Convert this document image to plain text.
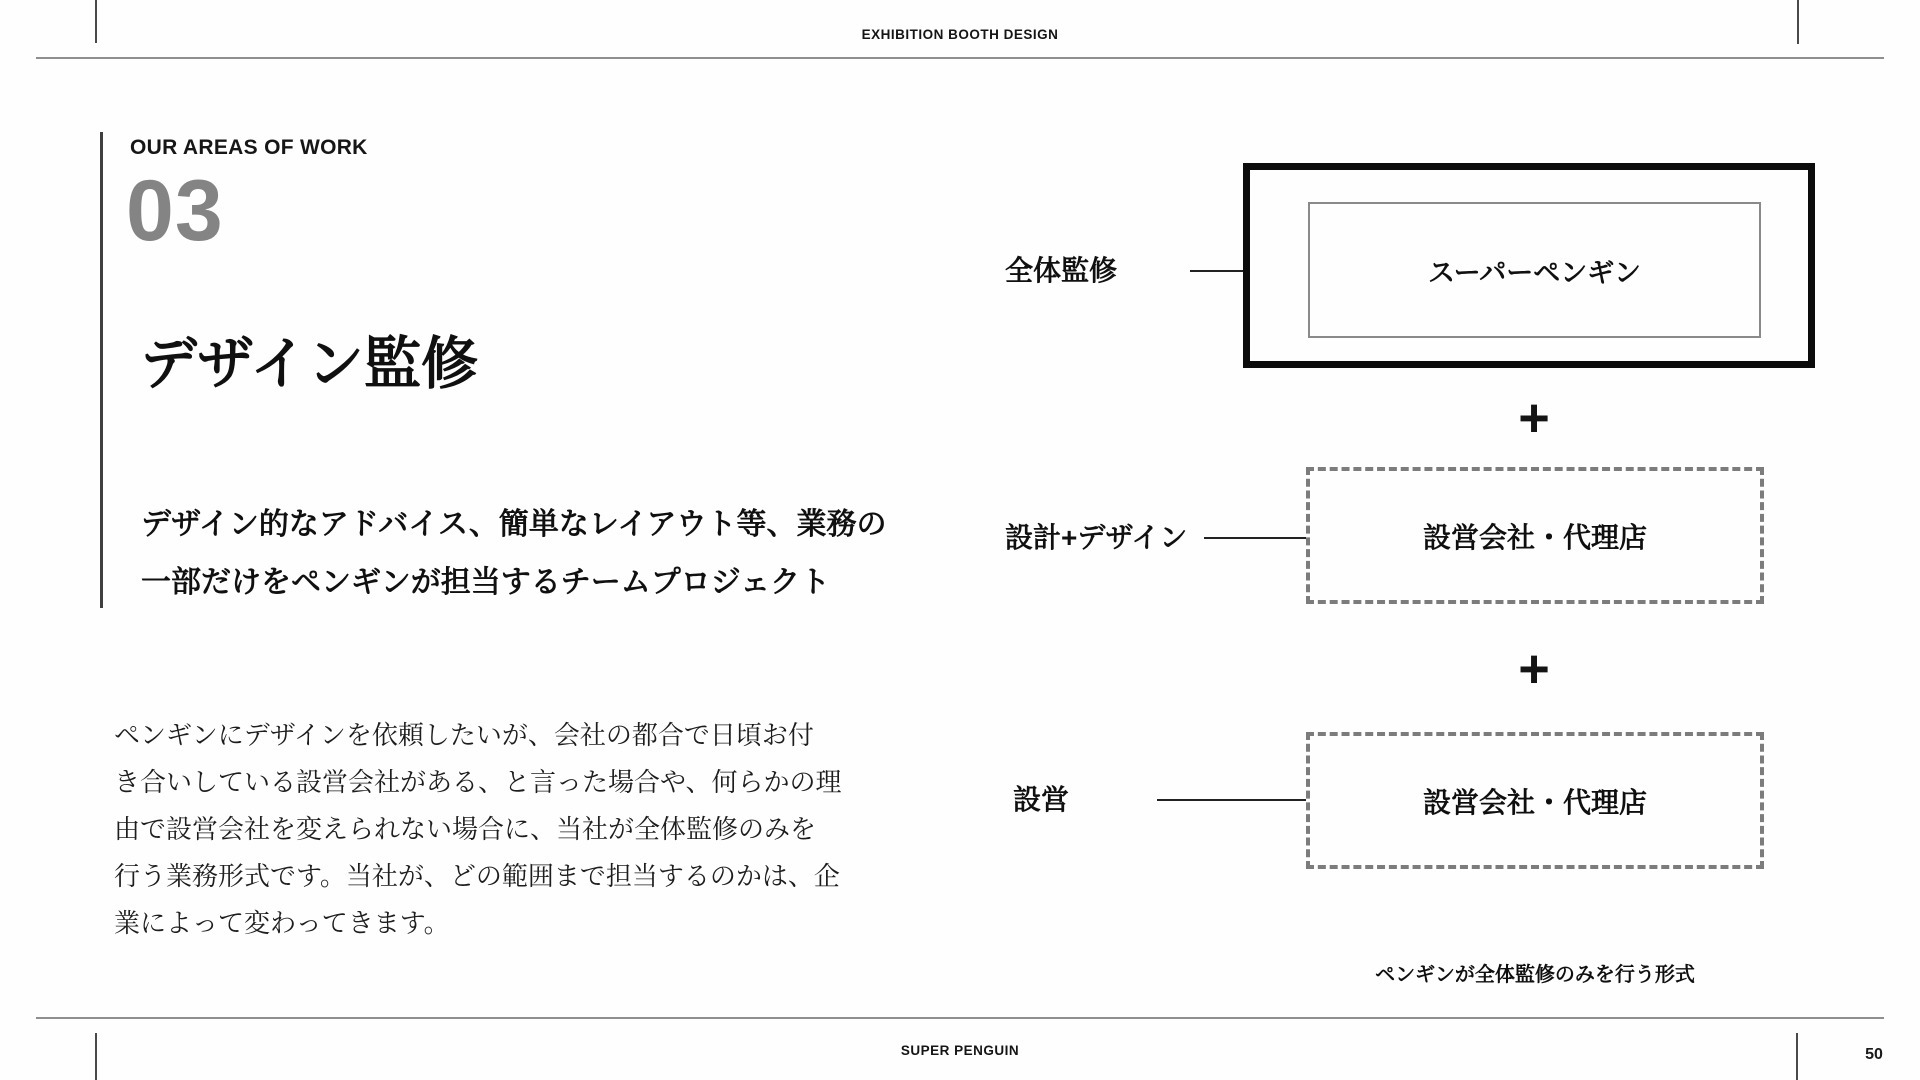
EXHIBITION BOOTH DESIGN
OUR AREAS OF WORK
03
デザイン監修
デザイン的なアドバイス、簡単なレイアウト等、業務の
一部だけをペンギンが担当するチームプロジェクト
ペンギンにデザインを依頼したいが、会社の都合で日頃お付
き合いしている設営会社がある、と言った場合や、何らかの理
由で設営会社を変えられない場合に、当社が全体監修のみを
行う業務形式です。当社が、どの範囲まで担当するのかは、企
業によって変わってきます。
全体監修	スーパーペンギン
+
設計+デザイン	設営会社・代理店
+
設営	設営会社・代理店
ペンギンが全体監修のみを行う形式
SUPER PENGUIN	50
